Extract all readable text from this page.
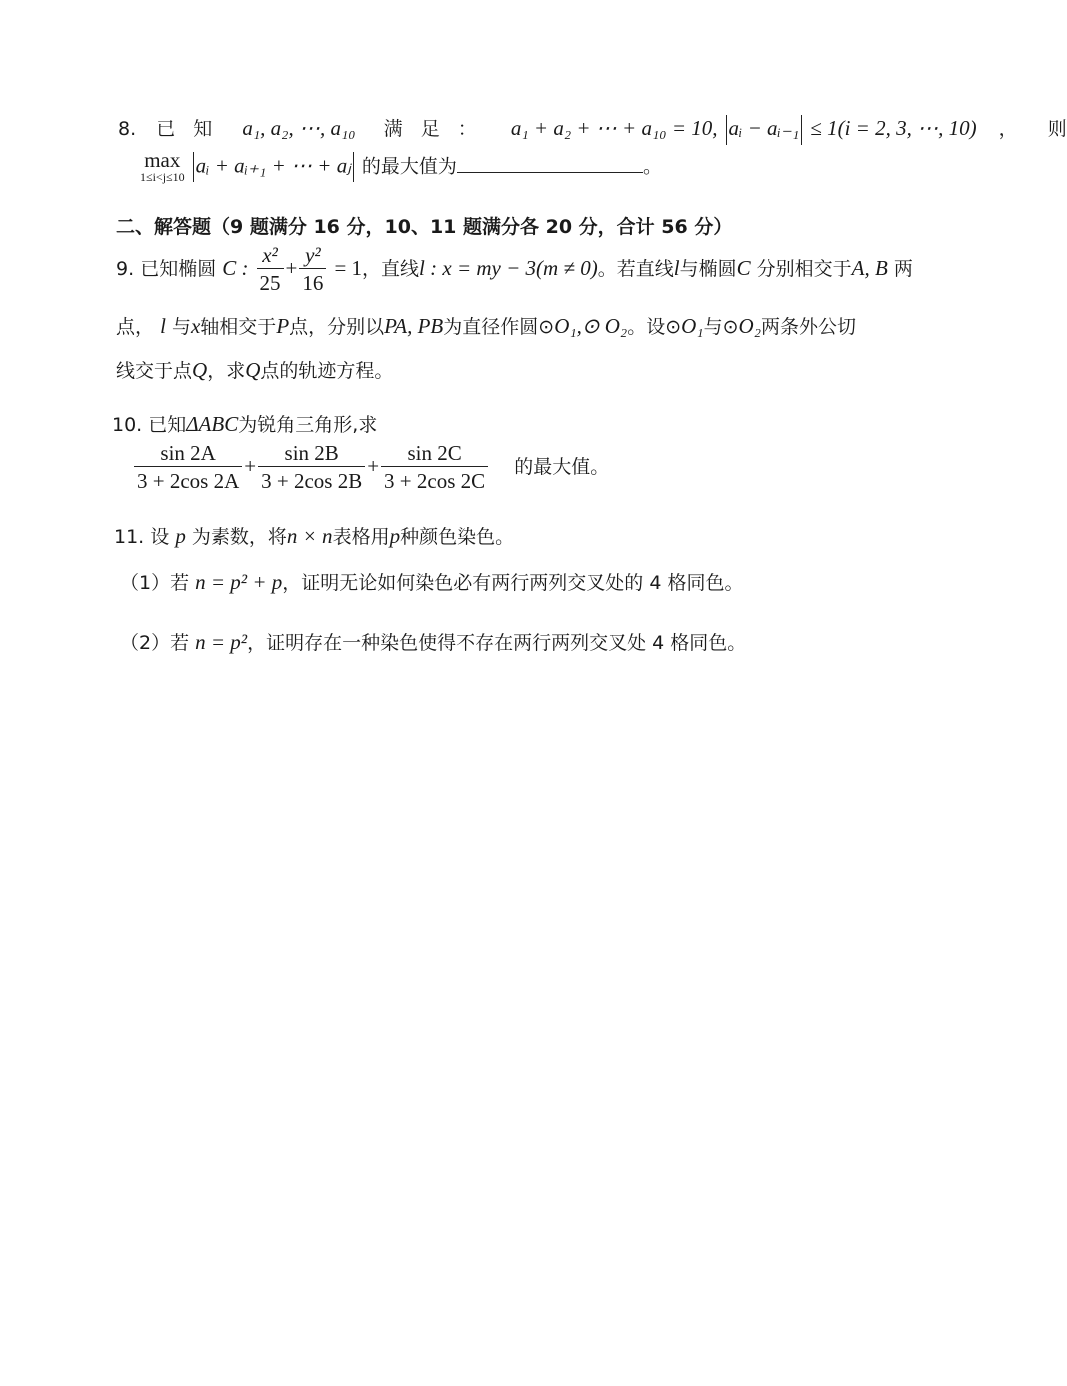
8. 已 知 a₁, a₂, ⋯, a₁₀ 满 足 ： a₁ + a₂ + ⋯ + a₁₀ = 10, aᵢ − aᵢ₋₁ ≤ 1(i = 2, 3, ⋯, 10) ， 则
max
1≤i<j≤10 aᵢ + aᵢ₊₁ + ⋯ + aⱼ 的最大值为	。
二、解答题（9 题满分 16 分，10、11 题满分各 20 分，合计 56 分）
9. 已知椭圆 C : $\frac{\text{x²}}{25} + \frac{\text{y²}}{16} = 1$，直线l : x = my − 3(m ≠ 0)。若直线l与椭圆C 分别相交于A, B 两
点， l 与x轴相交于P点，分别以PA, PB为直径作圆⊙O₁,⊙ O₂。设⊙O₁与⊙O₂两条外公切
线交于点Q，求Q点的轨迹方程。
10. 已知ΔABC为锐角三角形,求
$\frac{\sin 2A}{3 + 2\cos 2A} + \frac{\sin 2B}{3 + 2\cos 2B} + \frac{\sin 2C}{3 + 2\cos 2C}$ 的最大值。
11. 设 p 为素数，将n × n表格用p种颜色染色。
（1）若 n = p² + p，证明无论如何染色必有两行两列交叉处的 4 格同色。
（2）若 n = p²，证明存在一种染色使得不存在两行两列交叉处 4 格同色。
